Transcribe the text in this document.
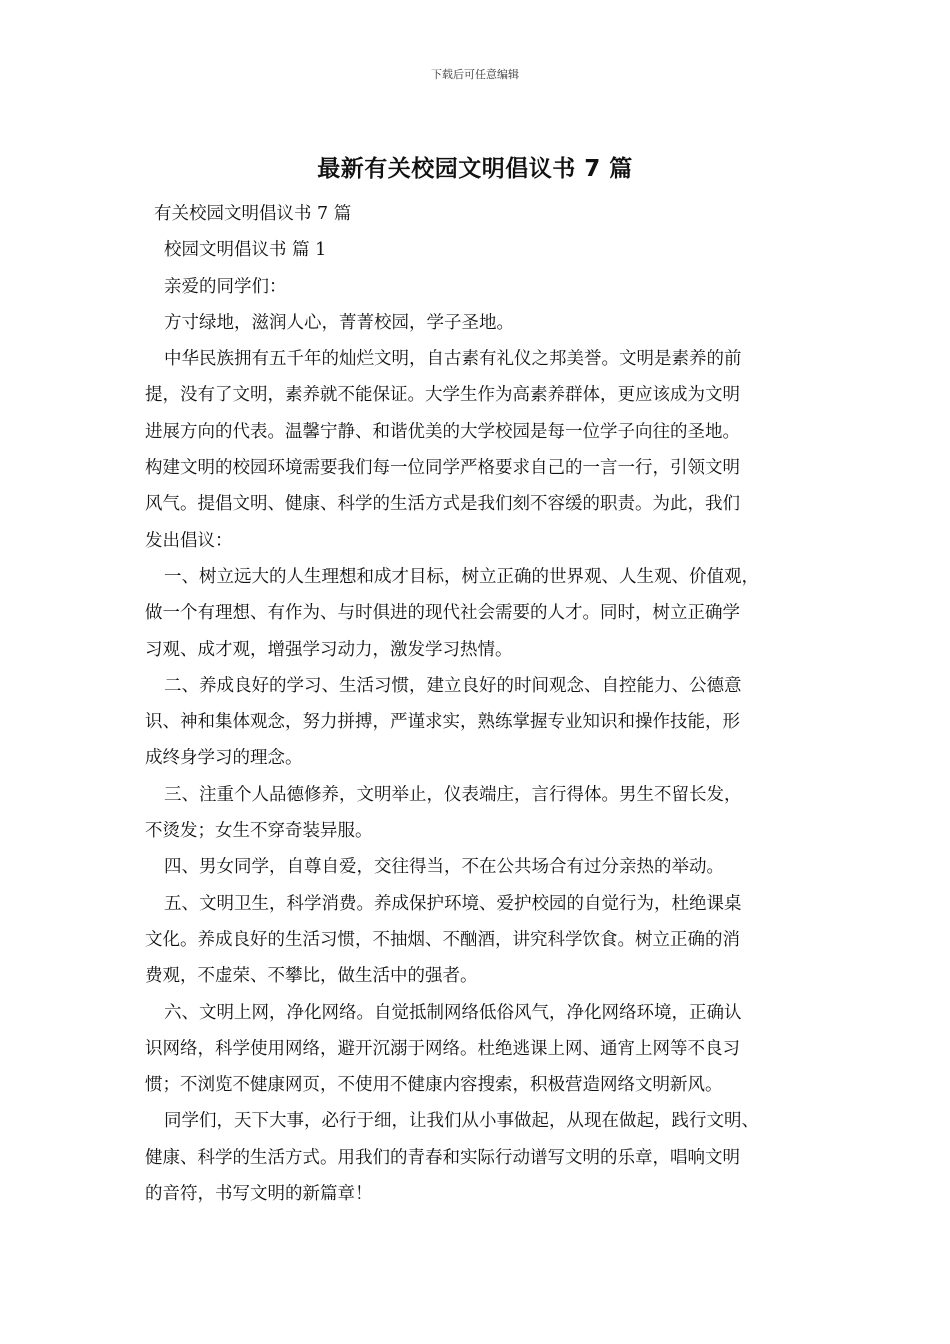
下载后可任意编辑
最新有关校园文明倡议书 7 篇
有关校园文明倡议书 7 篇
校园文明倡议书 篇 1
亲爱的同学们：
方寸绿地，滋润人心，菁菁校园，学子圣地。
中华民族拥有五千年的灿烂文明，自古素有礼仪之邦美誉。文明是素养的前
提，没有了文明，素养就不能保证。大学生作为高素养群体，更应该成为文明
进展方向的代表。温馨宁静、和谐优美的大学校园是每一位学子向往的圣地。
构建文明的校园环境需要我们每一位同学严格要求自己的一言一行，引领文明
风气。提倡文明、健康、科学的生活方式是我们刻不容缓的职责。为此，我们
发出倡议：
一、树立远大的人生理想和成才目标，树立正确的世界观、人生观、价值观，
做一个有理想、有作为、与时俱进的现代社会需要的人才。同时，树立正确学
习观、成才观，增强学习动力，激发学习热情。
二、养成良好的学习、生活习惯，建立良好的时间观念、自控能力、公德意
识、神和集体观念，努力拼搏，严谨求实，熟练掌握专业知识和操作技能，形
成终身学习的理念。
三、注重个人品德修养，文明举止，仪表端庄，言行得体。男生不留长发，
不烫发；女生不穿奇装异服。
四、男女同学，自尊自爱，交往得当，不在公共场合有过分亲热的举动。
五、文明卫生，科学消费。养成保护环境、爱护校园的自觉行为，杜绝课桌
文化。养成良好的生活习惯，不抽烟、不酗酒，讲究科学饮食。树立正确的消
费观，不虚荣、不攀比，做生活中的强者。
六、文明上网，净化网络。自觉抵制网络低俗风气，净化网络环境，正确认
识网络，科学使用网络，避开沉溺于网络。杜绝逃课上网、通宵上网等不良习
惯；不浏览不健康网页，不使用不健康内容搜索，积极营造网络文明新风。
同学们，天下大事，必行于细，让我们从小事做起，从现在做起，践行文明、
健康、科学的生活方式。用我们的青春和实际行动谱写文明的乐章，唱响文明
的音符，书写文明的新篇章！
